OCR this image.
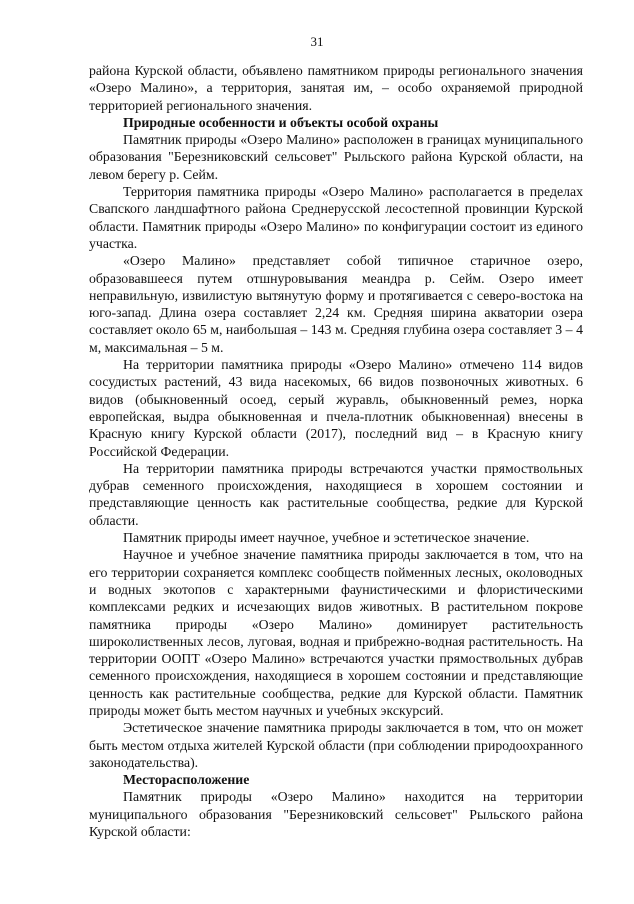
31

района Курской области, объявлено памятником природы регионального значения «Озеро Малино», а территория, занятая им, – особо охраняемой природной территорией регионального значения.

Природные особенности и объекты особой охраны

Памятник природы «Озеро Малино» расположен в границах муниципального образования "Березниковский сельсовет" Рыльского района Курской области, на левом берегу р. Сейм.

Территория памятника природы «Озеро Малино» располагается в пределах Свапского ландшафтного района Среднерусской лесостепной провинции Курской области. Памятник природы «Озеро Малино» по конфигурации состоит из единого участка.

«Озеро Малино» представляет собой типичное старичное озеро, образовавшееся путем отшнуровывания меандра р. Сейм. Озеро имеет неправильную, извилистую вытянутую форму и протягивается с северо-востока на юго-запад. Длина озера составляет 2,24 км. Средняя ширина акватории озера составляет около 65 м, наибольшая – 143 м. Средняя глубина озера составляет 3 – 4 м, максимальная – 5 м.

На территории памятника природы «Озеро Малино» отмечено 114 видов сосудистых растений, 43 вида насекомых, 66 видов позвоночных животных. 6 видов (обыкновенный осоед, серый журавль, обыкновенный ремез, норка европейская, выдра обыкновенная и пчела-плотник обыкновенная) внесены в Красную книгу Курской области (2017), последний вид – в Красную книгу Российской Федерации.

На территории памятника природы встречаются участки прямоствольных дубрав семенного происхождения, находящиеся в хорошем состоянии и представляющие ценность как растительные сообщества, редкие для Курской области.

Памятник природы имеет научное, учебное и эстетическое значение.

Научное и учебное значение памятника природы заключается в том, что на его территории сохраняется комплекс сообществ пойменных лесных, околоводных и водных экотопов с характерными фаунистическими и флористическими комплексами редких и исчезающих видов животных. В растительном покрове памятника природы «Озеро Малино» доминирует растительность широколиственных лесов, луговая, водная и прибрежно-водная растительность. На территории ООПТ «Озеро Малино» встречаются участки прямоствольных дубрав семенного происхождения, находящиеся в хорошем состоянии и представляющие ценность как растительные сообщества, редкие для Курской области. Памятник природы может быть местом научных и учебных экскурсий.

Эстетическое значение памятника природы заключается в том, что он может быть местом отдыха жителей Курской области (при соблюдении природоохранного законодательства).

Месторасположение

Памятник природы «Озеро Малино» находится на территории муниципального образования "Березниковский сельсовет" Рыльского района Курской области:
